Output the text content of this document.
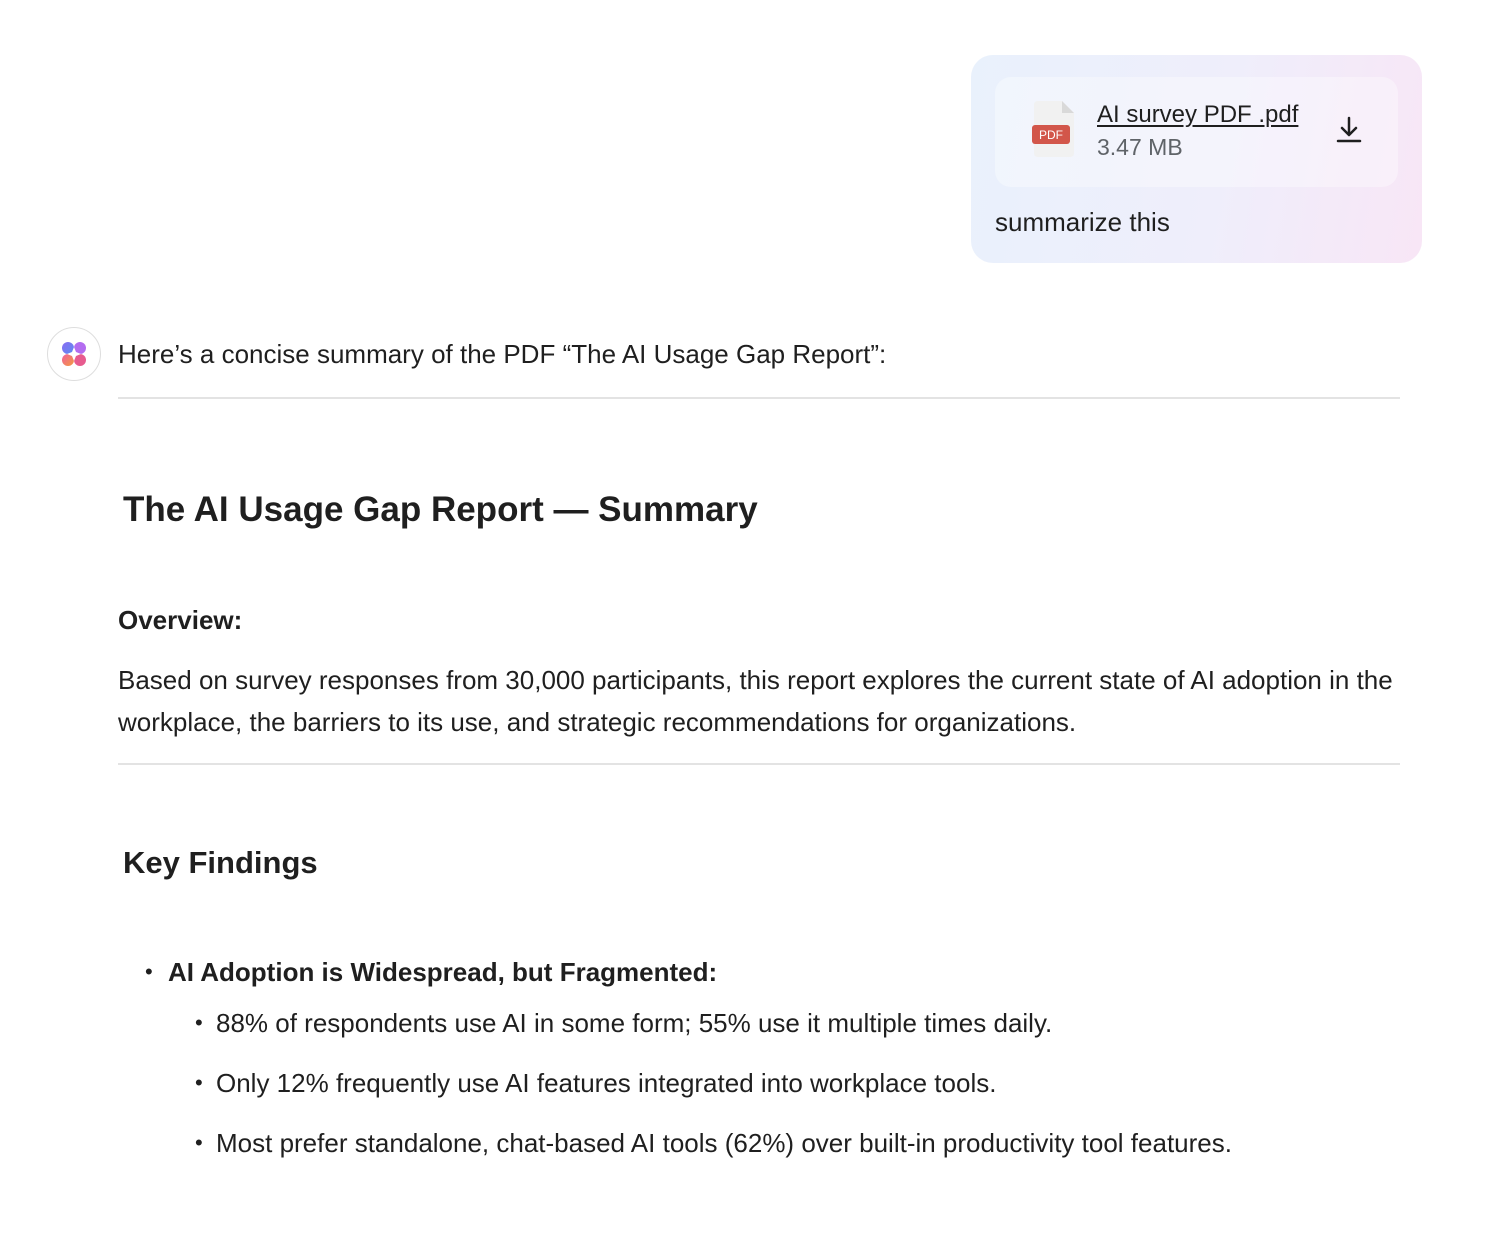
PDF
AI survey PDF .pdf
3.47 MB
summarize this
Here’s a concise summary of the PDF “The AI Usage Gap Report”:
The AI Usage Gap Report — Summary
Overview:
Based on survey responses from 30,000 participants, this report explores the current state of AI adoption in the workplace, the barriers to its use, and strategic recommendations for organizations.
Key Findings
• AI Adoption is Widespread, but Fragmented:
• 88% of respondents use AI in some form; 55% use it multiple times daily.
• Only 12% frequently use AI features integrated into workplace tools.
• Most prefer standalone, chat-based AI tools (62%) over built-in productivity tool features.
